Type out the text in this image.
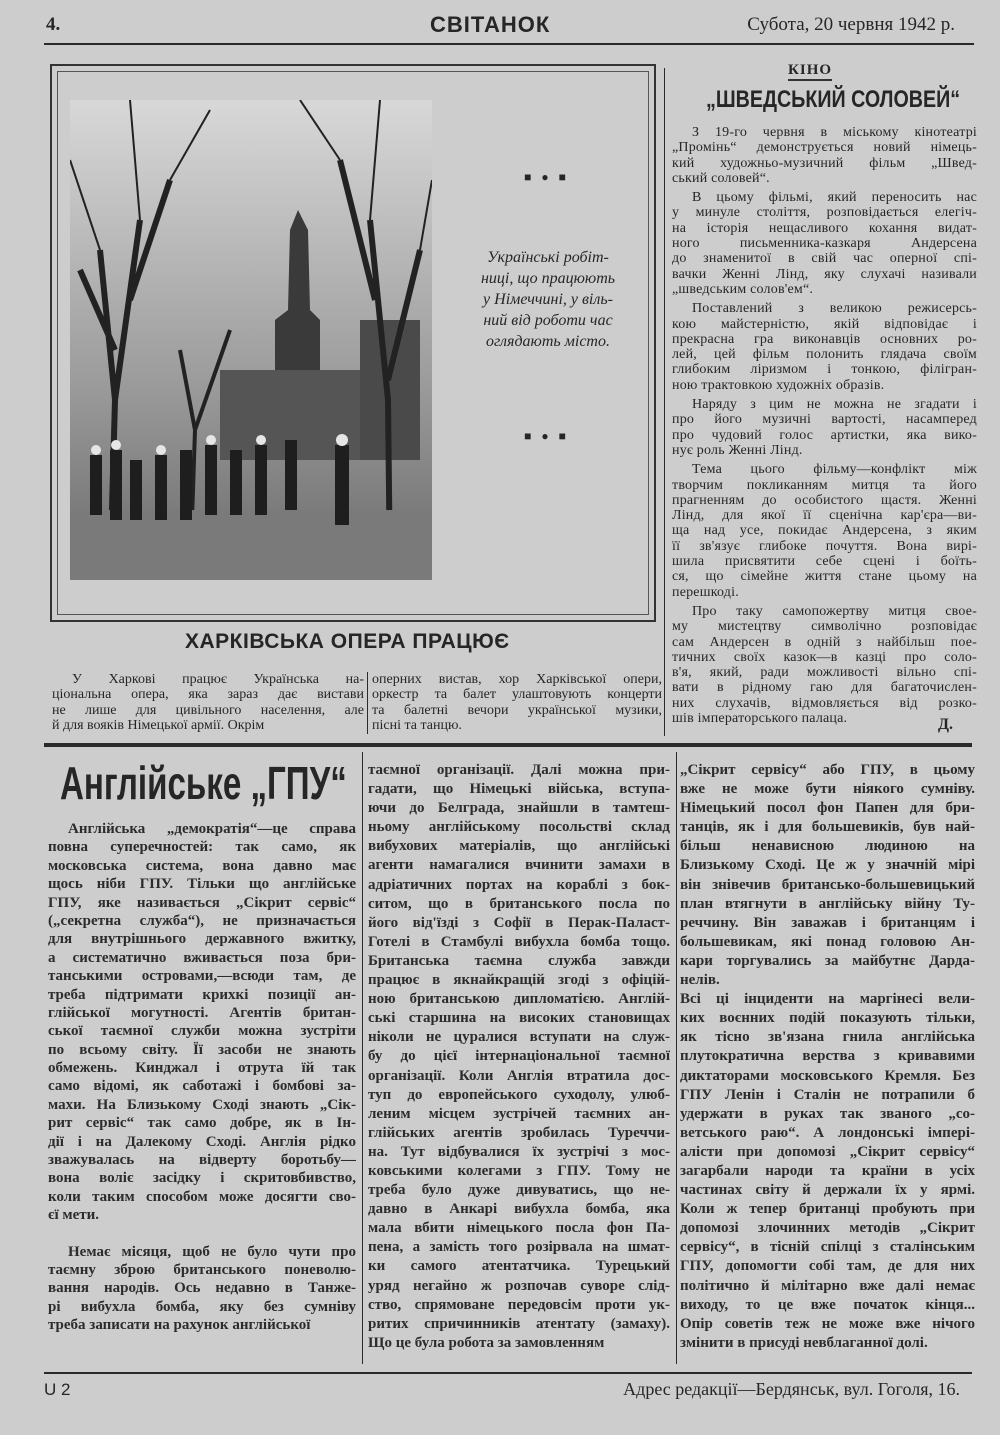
4.	СВІТАНОК	Субота, 20 червня 1942 р.
■●■
Українські робіт-
ниці, що працюють
у Німеччині, у віль-
ний від роботи час
оглядають місто.
■●■
ХАРКІВСЬКА ОПЕРА ПРАЦЮЄ
У Харкові працює Українська на-
ціональна опера, яка зараз дає вистави
не лише для цивільного населення, але
й для вояків Німецької армії. Окрім
оперних вистав, хор Харківської опери,
оркестр та балет улаштовують концерти
та балетні вечори української музики,
пісні та танцю.
КІНО
„ШВЕДСЬКИЙ СОЛОВЕЙ“
З 19-го червня в міському кінотеатрі
„Промінь“ демонструється новий німець-
кий художньо-музичний фільм „Швед-
ський соловей“.
В цьому фільмі, який переносить нас
у минуле століття, розповідається елегіч-
на історія нещасливого кохання видат-
ного письменника-казкаря Андерсена
до знаменитої в свій час оперної спі-
вачки Женні Лінд, яку слухачі називали
„шведським солов'ем“.
Поставлений з великою режисерсь-
кою майстерністю, якій відповідає і
прекрасна гра виконавців основних ро-
лей, цей фільм полонить глядача своїм
глибоким ліризмом і тонкою, філігран-
ною трактовкою художніх образів.
Наряду з цим не можна не згадати і
про його музичні вартості, насамперед
про чудовий голос артистки, яка вико-
нує роль Женні Лінд.
Тема цього фільму—конфлікт між
творчим покликанням митця та його
прагненням до особистого щастя. Женні
Лінд, для якої її сценічна кар'єра—ви-
ща над усе, покидає Андерсена, з яким
її зв'язує глибоке почуття. Вона вирі-
шила присвятити себе сцені і боїть-
ся, що сімейне життя стане цьому на
перешкоді.
Про таку самопожертву митця свое-
му мистецтву символічно розповідає
сам Андерсен в одній з найбільш пое-
тичних своїх казок—в казці про соло-
в'я, який, ради можливості вільно спі-
вати в рідному гаю для багаточислен-
них слухачів, відмовляється від розко-
шів імператорського палаца.	Д.
Англійське „ГПУ“
Англійська „демократія“—це справа
повна суперечностей: так само, як
московська система, вона давно має
щось ніби ГПУ. Тільки що англійське
ГПУ, яке називається „Сікрит сервіс“
(„секретна служба“), не призначається
для внутрішнього державного вжитку,
а систематично вживається поза бри-
танськими островами,—всюди там, де
треба підтримати крихкі позиції ан-
глійської могутності. Агентів британ-
ської таємної служби можна зустріти
по всьому світу. Її засоби не знають
обмежень. Кинджал і отрута їй так
само відомі, як саботажі і бомбові за-
махи. На Близькому Сході знають „Сік-
рит сервіс“ так само добре, як в Ін-
дії і на Далекому Сході. Англія рідко
зважувалась на відверту боротьбу—
вона воліє засідку і скритовбивство,
коли таким способом може досягти сво-
єї мети.
Немає місяця, щоб не було чути про
таємну зброю британського поневолю-
вання народів. Ось недавно в Танже-
рі вибухла бомба, яку без сумніву
треба записати на рахунок англійської
таємної організації. Далі можна при-
гадати, що Німецькі війська, вступа-
ючи до Белграда, знайшли в тамтеш-
ньому англійському посольстві склад
вибухових матеріалів, що англійські
агенти намагалися вчинити замахи в
адріатичних портах на кораблі з бок-
ситом, що в британського посла по
його від'їзді з Софії в Перак-Паласт-
Готелі в Стамбулі вибухла бомба тощо.
Британська таємна служба завжди
працює в якнайкращій згоді з офіцій-
ною британською дипломатією. Англій-
ські старшина на високих становищах
ніколи не цуралися вступати на служ-
бу до цієї інтернаціональної таємної
організації. Коли Англія втратила дос-
туп до европейського суходолу, улюб-
леним місцем зустрічей таємних ан-
глійських агентів зробилась Туреччи-
на. Тут відбувалися їх зустрічі з мос-
ковськими колегами з ГПУ. Тому не
треба було дуже дивуватись, що не-
давно в Анкарі вибухла бомба, яка
мала вбити німецького посла фон Па-
пена, а замість того розірвала на шмат-
ки самого атентатчика. Турецький
уряд негайно ж розпочав суворе слід-
ство, спрямоване передовсім проти ук-
ритих спричинників атентату (замаху).
Що це була робота за замовленням
„Сікрит сервісу“ або ГПУ, в цьому
вже не може бути ніякого сумніву.
Німецький посол фон Папен для бри-
танців, як і для большевиків, був най-
більш ненависною людиною на
Близькому Сході. Це ж у значній мірі
він знівечив британсько-большевицький
план втягнути в англійську війну Ту-
реччину. Він заважав і британцям і
большевикам, які понад головою Ан-
кари торгувались за майбутнє Дарда-
нелів.
Всі ці інциденти на маргінесі вели-
ких воєнних подій показують тільки,
як тісно зв'язана гнила англійська
плутократична верства з кривавими
диктаторами московського Кремля. Без
ГПУ Ленін і Сталін не потрапили б
удержати в руках так званого „со-
ветського раю“. А лондонські імпері-
алісти при допомозі „Сікрит сервісу“
загарбали народи та країни в усіх
частинах світу й держали їх у ярмі.
Коли ж тепер британці пробують при
допомозі злочинних методів „Сікрит
сервісу“, в тісній спілці з сталінським
ГПУ, допомогти собі там, де для них
політично й мілітарно вже далі немає
виходу, то це вже початок кінця...
Опір советів теж не може вже нічого
змінити в присуді невблаганної долі.
U 2	Адрес редакції—Бердянськ, вул. Гоголя, 16.
